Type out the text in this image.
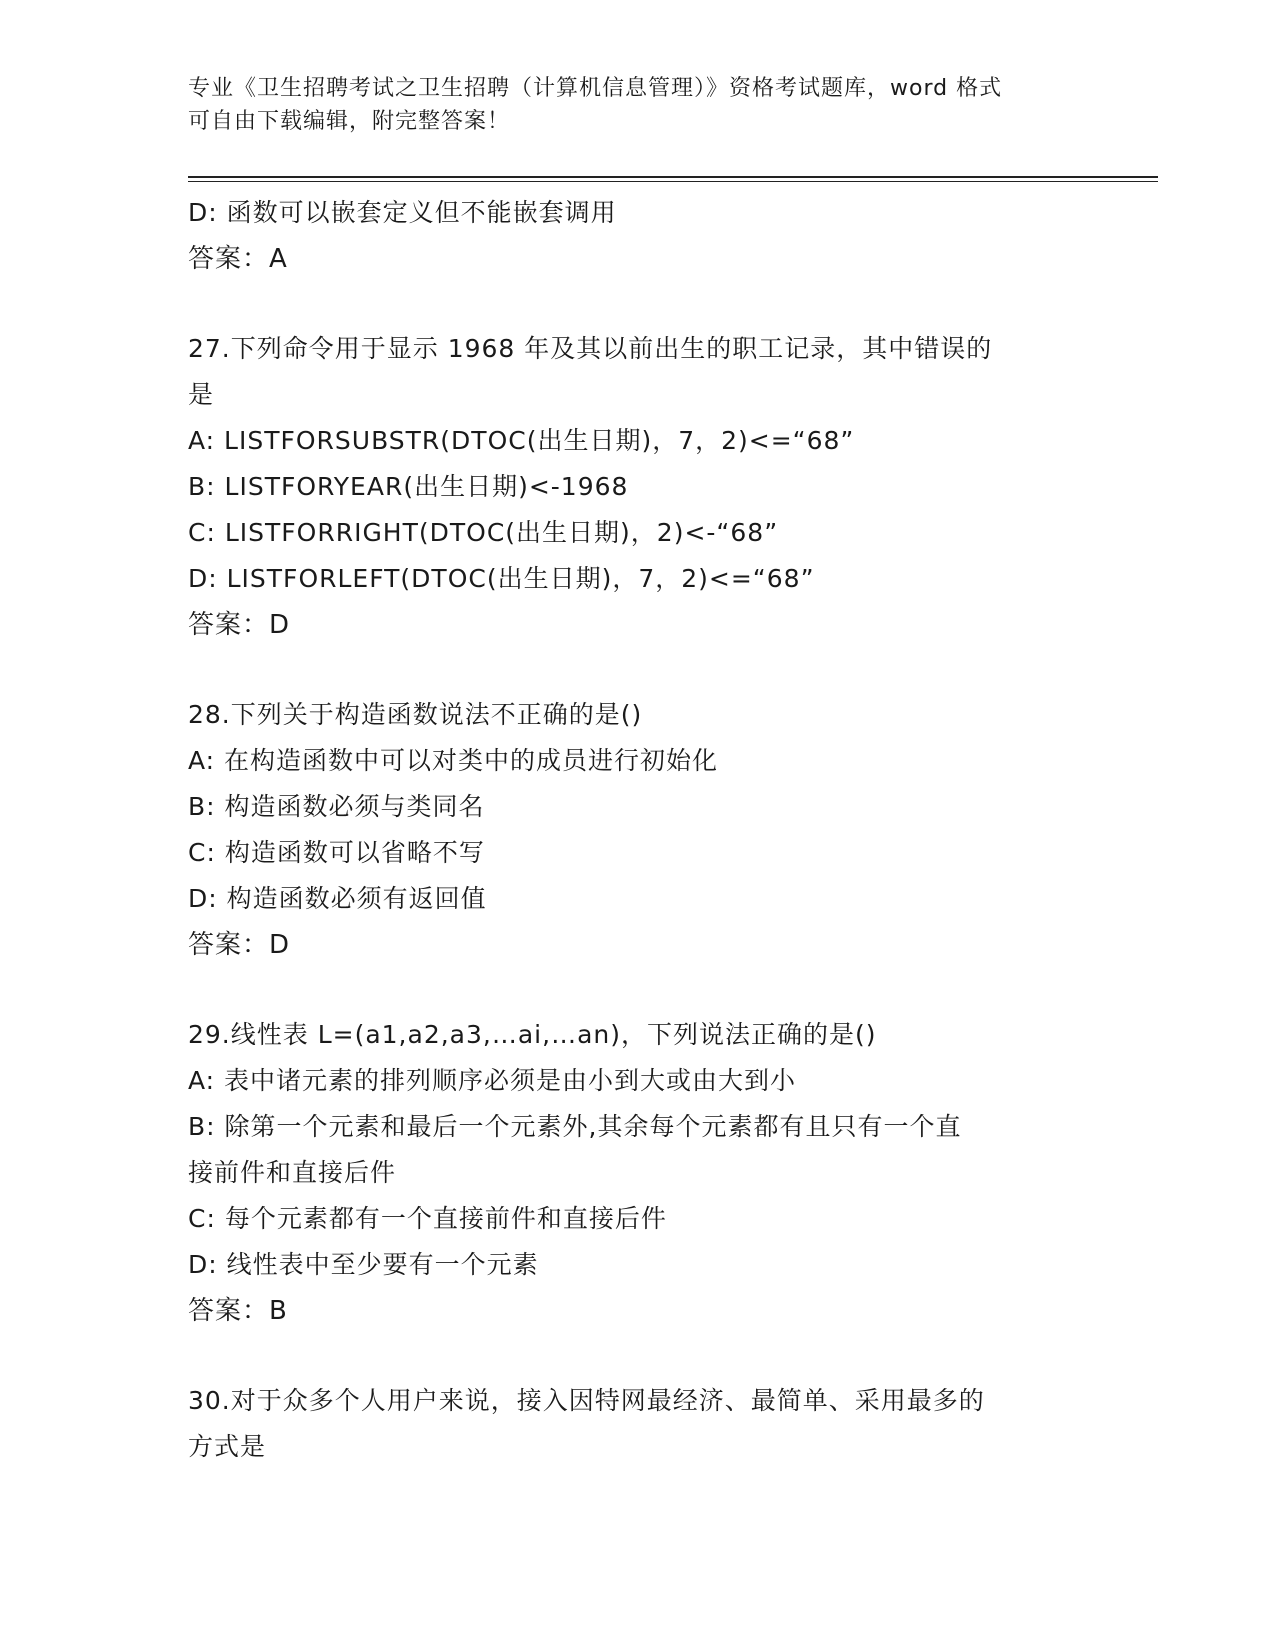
专业《卫生招聘考试之卫生招聘（计算机信息管理）》资格考试题库，word 格式
可自由下载编辑，附完整答案！
D: 函数可以嵌套定义但不能嵌套调用
答案：A
27.下列命令用于显示 1968 年及其以前出生的职工记录，其中错误的
是
A: LISTFORSUBSTR(DTOC(出生日期)，7，2)<=“68”
B: LISTFORYEAR(出生日期)<-1968
C: LISTFORRIGHT(DTOC(出生日期)，2)<-“68”
D: LISTFORLEFT(DTOC(出生日期)，7，2)<=“68”
答案：D
28.下列关于构造函数说法不正确的是()
A: 在构造函数中可以对类中的成员进行初始化
B: 构造函数必须与类同名
C: 构造函数可以省略不写
D: 构造函数必须有返回值
答案：D
29.线性表 L=(a1,a2,a3,…ai,…an)，下列说法正确的是()
A: 表中诸元素的排列顺序必须是由小到大或由大到小
B: 除第一个元素和最后一个元素外,其余每个元素都有且只有一个直
接前件和直接后件
C: 每个元素都有一个直接前件和直接后件
D: 线性表中至少要有一个元素
答案：B
30.对于众多个人用户来说，接入因特网最经济、最简单、采用最多的
方式是
